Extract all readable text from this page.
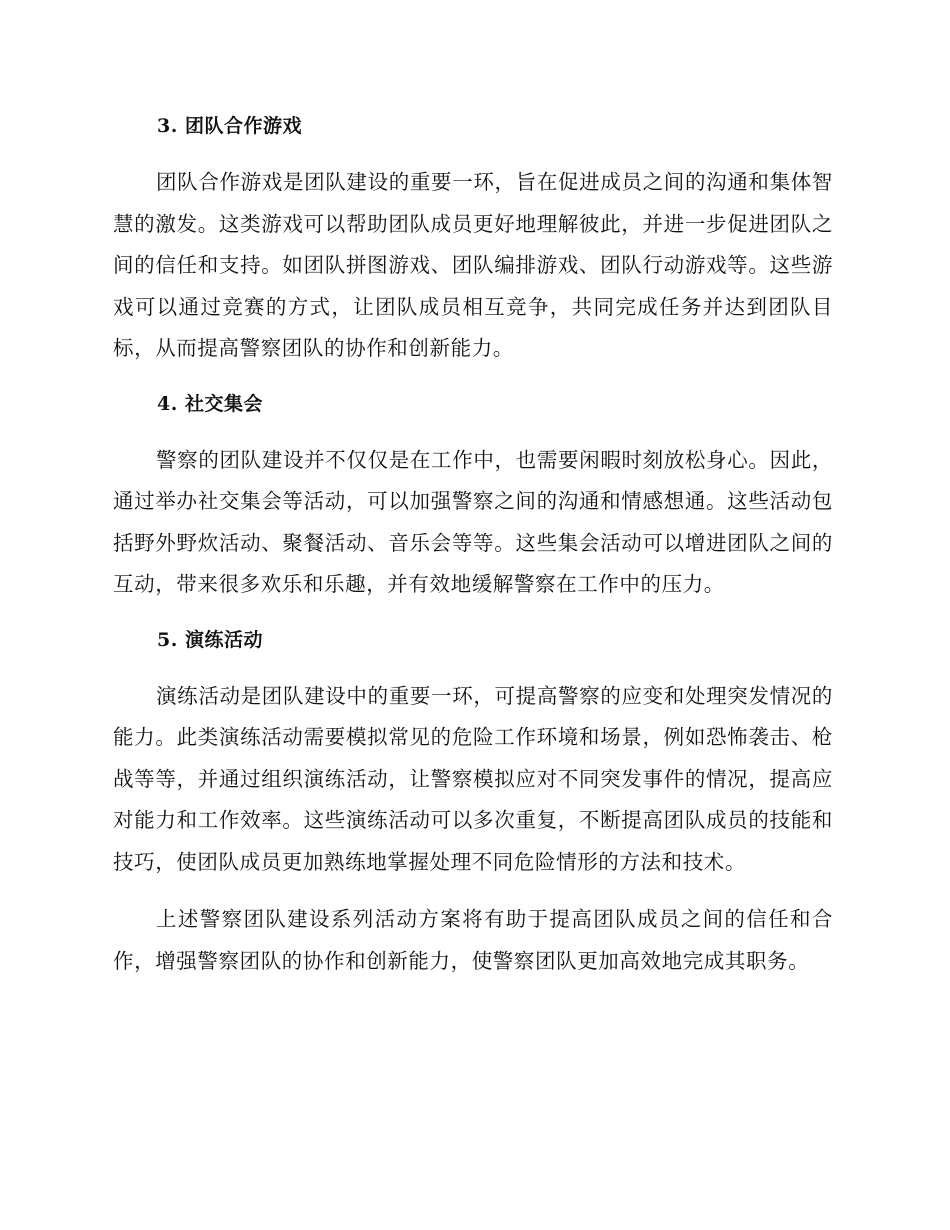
3. 团队合作游戏

团队合作游戏是团队建设的重要一环，旨在促进成员之间的沟通和集体智慧的激发。这类游戏可以帮助团队成员更好地理解彼此，并进一步促进团队之间的信任和支持。如团队拼图游戏、团队编排游戏、团队行动游戏等。这些游戏可以通过竞赛的方式，让团队成员相互竞争，共同完成任务并达到团队目标，从而提高警察团队的协作和创新能力。

4. 社交集会

警察的团队建设并不仅仅是在工作中，也需要闲暇时刻放松身心。因此，通过举办社交集会等活动，可以加强警察之间的沟通和情感想通。这些活动包括野外野炊活动、聚餐活动、音乐会等等。这些集会活动可以增进团队之间的互动，带来很多欢乐和乐趣，并有效地缓解警察在工作中的压力。

5. 演练活动

演练活动是团队建设中的重要一环，可提高警察的应变和处理突发情况的能力。此类演练活动需要模拟常见的危险工作环境和场景，例如恐怖袭击、枪战等等，并通过组织演练活动，让警察模拟应对不同突发事件的情况，提高应对能力和工作效率。这些演练活动可以多次重复，不断提高团队成员的技能和技巧，使团队成员更加熟练地掌握处理不同危险情形的方法和技术。

上述警察团队建设系列活动方案将有助于提高团队成员之间的信任和合作，增强警察团队的协作和创新能力，使警察团队更加高效地完成其职务。
